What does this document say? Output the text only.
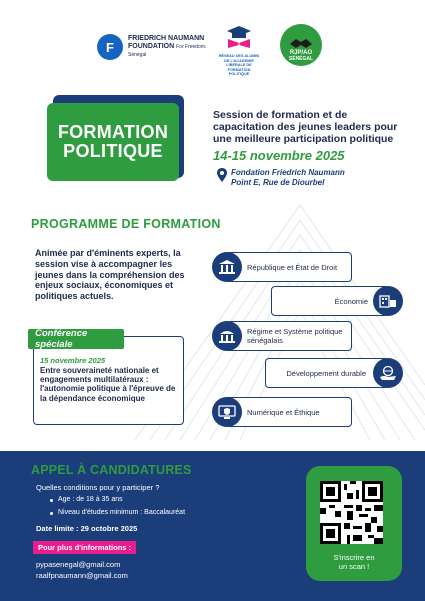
F
FRIEDRICH NAUMANN
FOUNDATION For Freedom.
Sénégal	RÉSEAU DES ALUMNI DE L'ACADEMIE LIBÉRALE DE FORMATION POLITIQUE
RJP/AO
SÉNÉGAL
FORMATION
POLITIQUE
Session de formation et de capacitation des jeunes leaders pour une meilleure participation politique
14-15 novembre 2025
Fondation Friedrich Naumann
Point E, Rue de Diourbel
PROGRAMME DE FORMATION
Animée par d'éminents experts, la session vise à accompagner les jeunes dans la compréhension des enjeux sociaux, économiques et politiques actuels.
Conférence spéciale
15 novembre 2025
Entre souveraineté nationale et engagements multilatéraux : l'autonomie politique à l'épreuve de la dépendance économique
République et État de Droit
Économie
Régime et Système politique sénégalais
Développement durable
Numérique et Éthique
APPEL À CANDIDATURES
Quelles conditions pour y participer ?
Age : de 18 à 35 ans
Niveau d'études minimum : Baccalauréat
Date limite : 29 octobre 2025
Pour plus d'informations :
pypasenegal@gmail.com
raalfpnaumann@gmail.com
S'inscrire en
un scan !
